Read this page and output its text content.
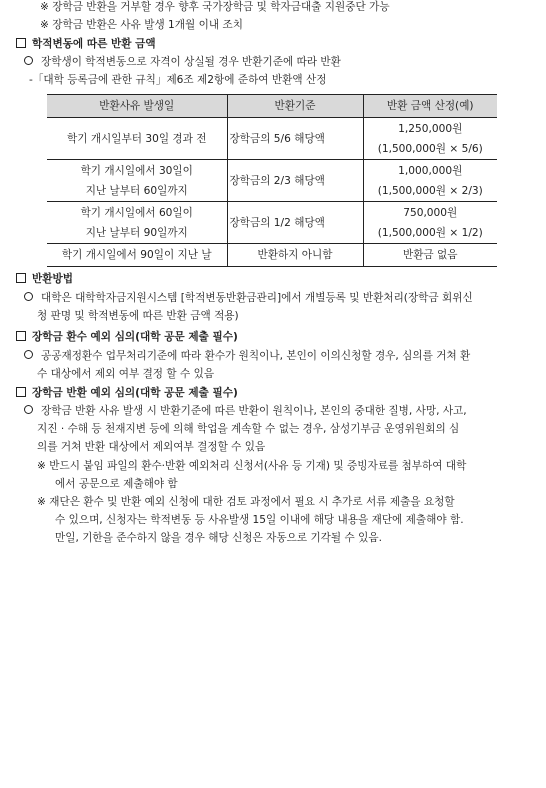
※ 장학금 반환을 거부할 경우 향후 국가장학금 및 학자금대출 지원중단 가능
※ 장학금 반환은 사유 발생 1개월 이내 조치
학적변동에 따른 반환 금액
장학생이 학적변동으로 자격이 상실될 경우 반환기준에 따라 반환
-「대학 등록금에 관한 규칙」제6조 제2항에 준하여 반환액 산정
반환사유 발생일	반환기준	반환 금액 산정(예)

학기 개시일부터 30일 경과 전	장학금의 5/6 해당액	1,250,000원
(1,500,000원 × 5/6)

학기 개시일에서 30일이
지난 날부터 60일까지	장학금의 2/3 해당액	1,000,000원
(1,500,000원 × 2/3)

학기 개시일에서 60일이
지난 날부터 90일까지	장학금의 1/2 해당액	750,000원
(1,500,000원 × 1/2)

학기 개시일에서 90일이 지난 날	반환하지 아니함	반환금 없음
반환방법
대학은 대학학자금지원시스템 [학적변동반환금관리]에서 개별등록 및 반환처리(장학금 회위신
청 판명 및 학적변동에 따른 반환 금액 적용)
장학금 환수 예외 심의(대학 공문 제출 필수)
공공재정환수 업무처리기준에 따라 환수가 원칙이나, 본인이 이의신청할 경우, 심의를 거쳐 환
수 대상에서 제외 여부 결정 할 수 있음
장학금 반환 예외 심의(대학 공문 제출 필수)
장학금 반환 사유 발생 시 반환기준에 따른 반환이 원칙이나, 본인의 중대한 질병, 사망, 사고,
지진 · 수해 등 천재지변 등에 의해 학업을 계속할 수 없는 경우, 삼성기부금 운영위원회의 심
의를 거쳐 반환 대상에서 제외여부 결정할 수 있음
※ 반드시 붙임 파일의 환수·반환 예외처리 신청서(사유 등 기재) 및 증빙자료를 첨부하여 대학
에서 공문으로 제출해야 함
※ 재단은 환수 및 반환 예외 신청에 대한 검토 과정에서 필요 시 추가로 서류 제출을 요청할
수 있으며, 신청자는 학적변동 등 사유발생 15일 이내에 해당 내용을 재단에 제출해야 함.
만일, 기한을 준수하지 않을 경우 해당 신청은 자동으로 기각될 수 있음.
